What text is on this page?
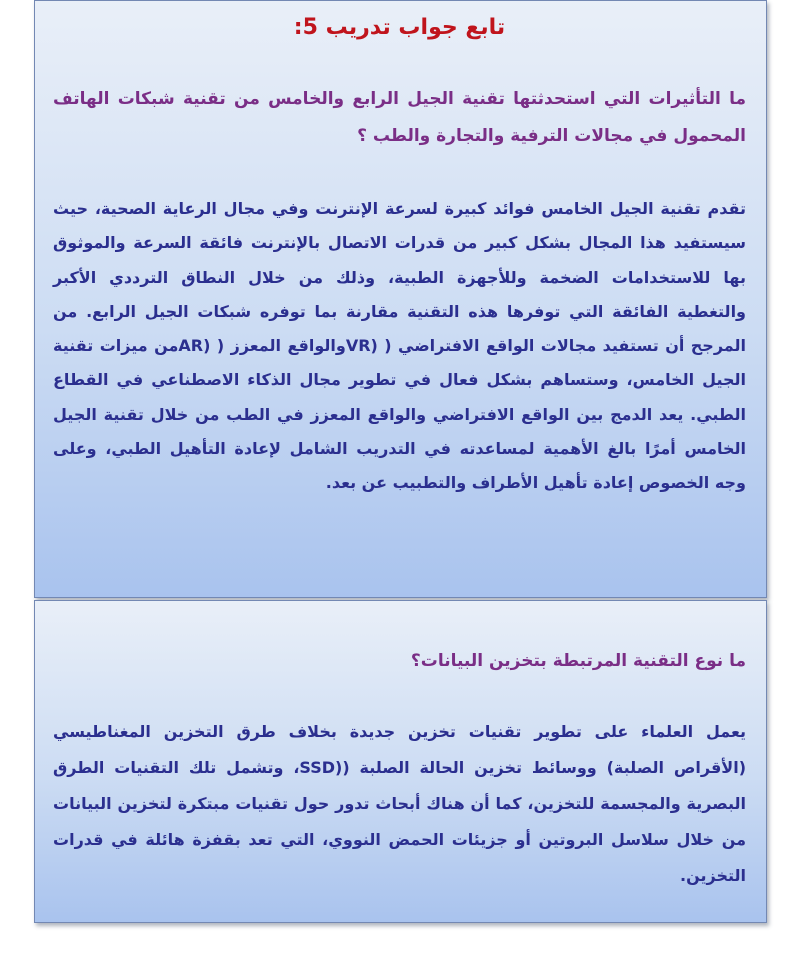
تابع جواب تدريب 5:

ما التأثيرات التي استحدثتها تقنية الجيل الرابع والخامس من تقنية شبكات الهاتف المحمول في مجالات الترفية والتجارة والطب ؟

تقدم تقنية الجيل الخامس فوائد كبيرة لسرعة الإنترنت وفي مجال الرعاية الصحية، حيث سيستفيد هذا المجال بشكل كبير من قدرات الاتصال بالإنترنت فائقة السرعة والموثوق بها للاستخدامات الضخمة وللأجهزة الطبية، وذلك من خلال النطاق الترددي الأكبر والتغطية الفائقة التي توفرها هذه التقنية مقارنة بما توفره شبكات الجيل الرابع. من المرجح أن تستفيد مجالات الواقع الافتراضي ( (VRوالواقع المعزز ( (ARمن ميزات تقنية الجيل الخامس، وستساهم بشكل فعال في تطوير مجال الذكاء الاصطناعي في القطاع الطبي. يعد الدمج بين الواقع الافتراضي والواقع المعزز في الطب من خلال تقنية الجيل الخامس أمرًا بالغ الأهمية لمساعدته في التدريب الشامل لإعادة التأهيل الطبي، وعلى وجه الخصوص إعادة تأهيل الأطراف والتطبيب عن بعد.

ما نوع التقنية المرتبطة بتخزين البيانات؟

يعمل العلماء على تطوير تقنيات تخزين جديدة بخلاف طرق التخزين المغناطيسي (الأقراص الصلبة) ووسائط تخزين الحالة الصلبة ((SSD، وتشمل تلك التقنيات الطرق البصرية والمجسمة للتخزين، كما أن هناك أبحاث تدور حول تقنيات مبتكرة لتخزين البيانات من خلال سلاسل البروتين أو جزيئات الحمض النووي، التي تعد بقفزة هائلة في قدرات التخزين.
